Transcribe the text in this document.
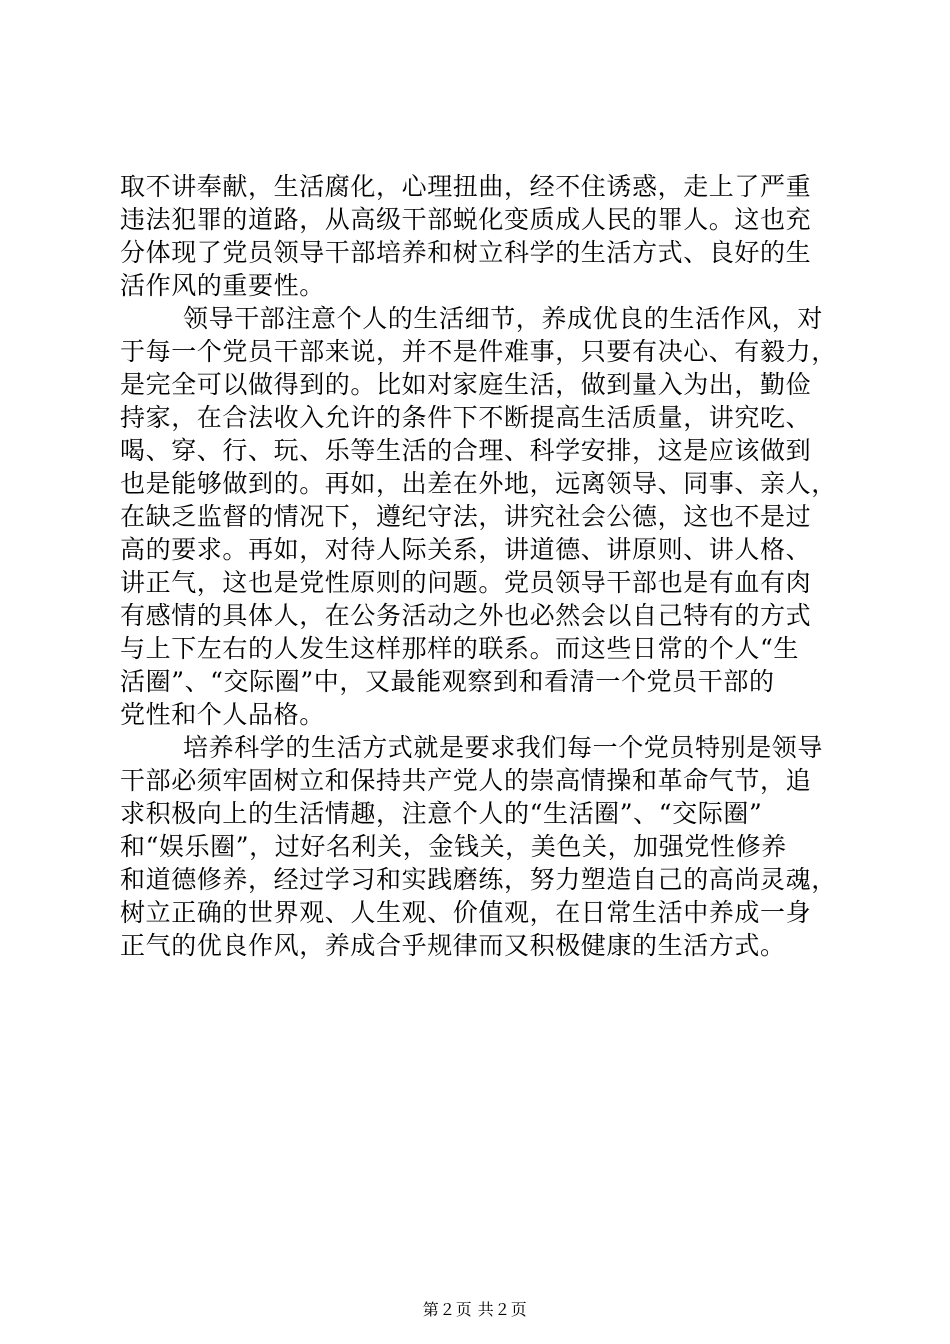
取不讲奉献，生活腐化，心理扭曲，经不住诱惑，走上了严重
违法犯罪的道路，从高级干部蜕化变质成人民的罪人。这也充
分体现了党员领导干部培养和树立科学的生活方式、良好的生
活作风的重要性。
领导干部注意个人的生活细节，养成优良的生活作风，对
于每一个党员干部来说，并不是件难事，只要有决心、有毅力，
是完全可以做得到的。比如对家庭生活，做到量入为出，勤俭
持家，在合法收入允许的条件下不断提高生活质量，讲究吃、
喝、穿、行、玩、乐等生活的合理、科学安排，这是应该做到
也是能够做到的。再如，出差在外地，远离领导、同事、亲人，
在缺乏监督的情况下，遵纪守法，讲究社会公德，这也不是过
高的要求。再如，对待人际关系，讲道德、讲原则、讲人格、
讲正气，这也是党性原则的问题。党员领导干部也是有血有肉
有感情的具体人，在公务活动之外也必然会以自己特有的方式
与上下左右的人发生这样那样的联系。而这些日常的个人“生
活圈”、“交际圈”中，又最能观察到和看清一个党员干部的
党性和个人品格。
培养科学的生活方式就是要求我们每一个党员特别是领导
干部必须牢固树立和保持共产党人的崇高情操和革命气节，追
求积极向上的生活情趣，注意个人的“生活圈”、“交际圈”
和“娱乐圈”，过好名利关，金钱关，美色关，加强党性修养
和道德修养，经过学习和实践磨练，努力塑造自己的高尚灵魂，
树立正确的世界观、人生观、价值观，在日常生活中养成一身
正气的优良作风，养成合乎规律而又积极健康的生活方式。
第２页 共２页
